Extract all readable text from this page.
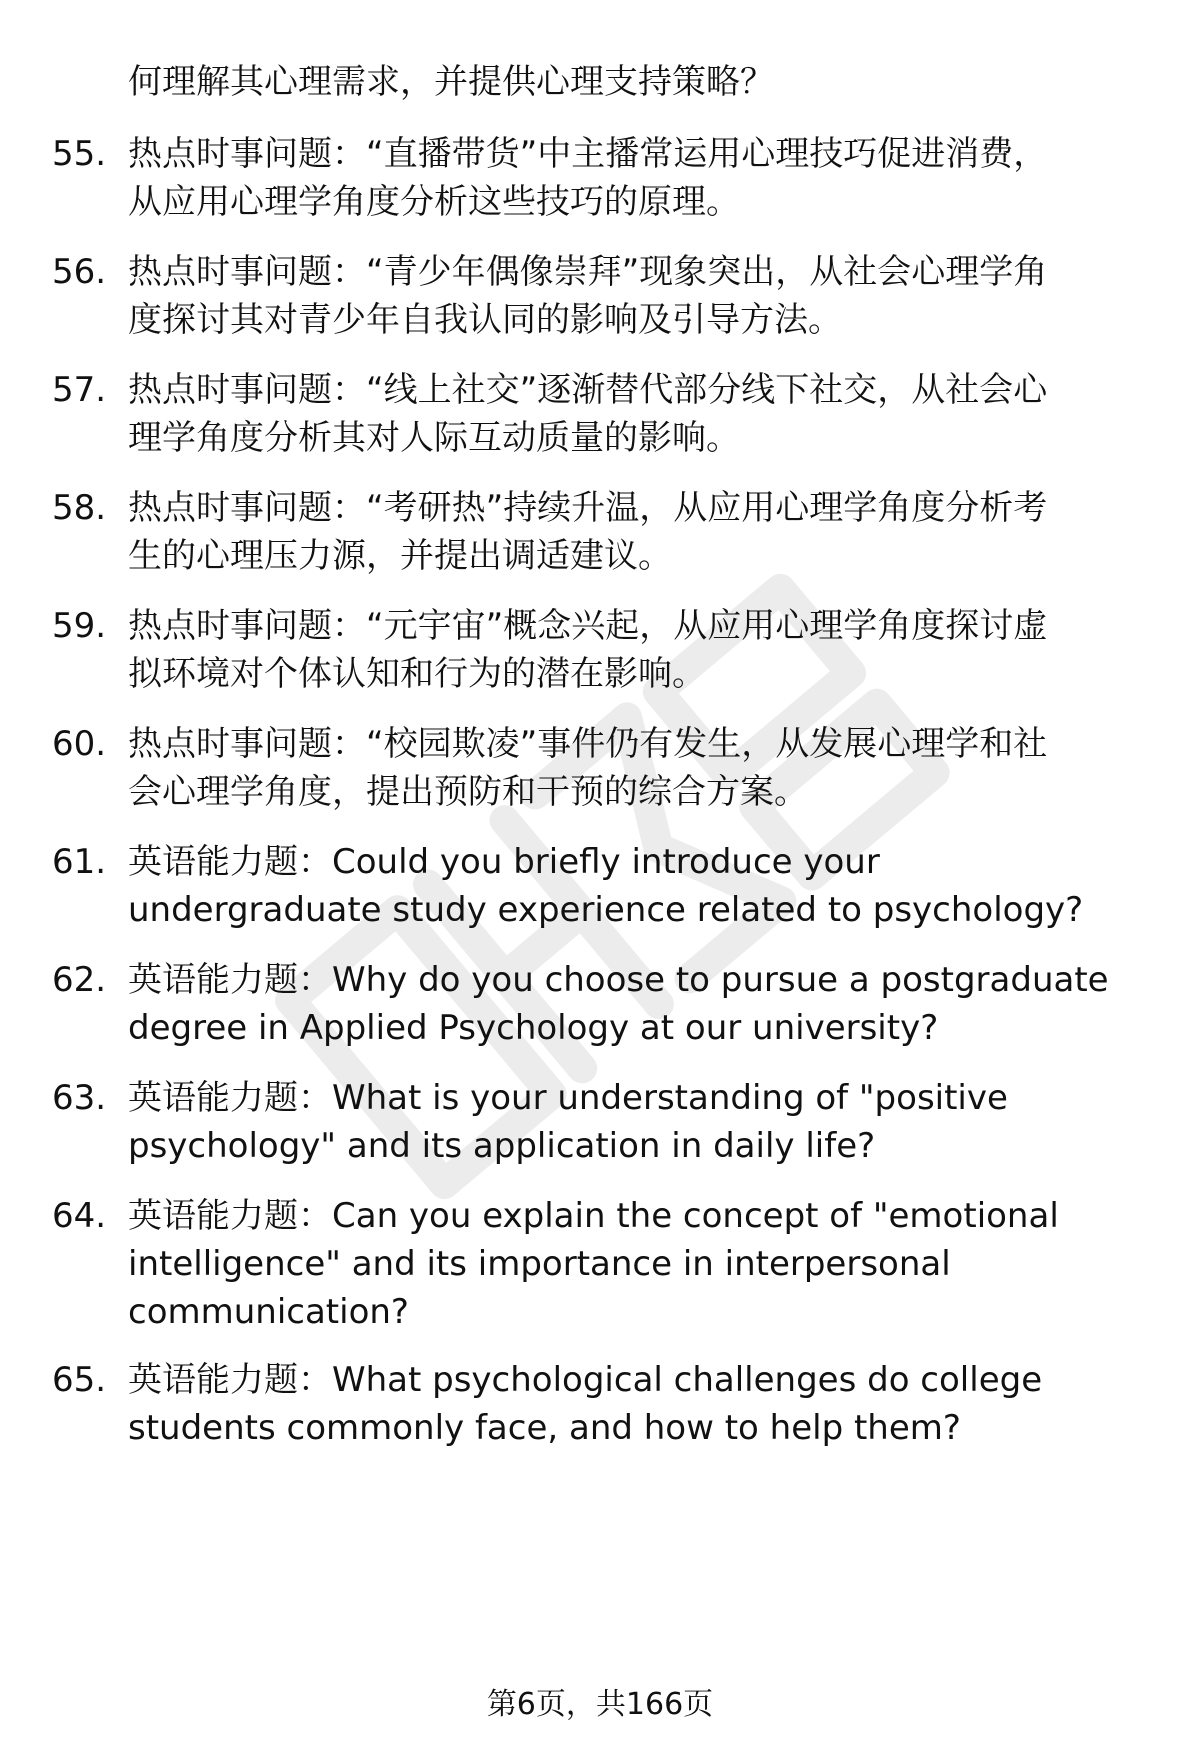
何理解其心理需求，并提供心理支持策略？
55. 热点时事问题：“直播带货”中主播常运用心理技巧促进消费，
从应用心理学角度分析这些技巧的原理。
56. 热点时事问题：“青少年偶像崇拜”现象突出，从社会心理学角
度探讨其对青少年自我认同的影响及引导方法。
57. 热点时事问题：“线上社交”逐渐替代部分线下社交，从社会心
理学角度分析其对人际互动质量的影响。
58. 热点时事问题：“考研热”持续升温，从应用心理学角度分析考
生的心理压力源，并提出调适建议。
59. 热点时事问题：“元宇宙”概念兴起，从应用心理学角度探讨虚
拟环境对个体认知和行为的潜在影响。
60. 热点时事问题：“校园欺凌”事件仍有发生，从发展心理学和社
会心理学角度，提出预防和干预的综合方案。
61. 英语能力题：Could you briefly introduce your
undergraduate study experience related to psychology?
62. 英语能力题：Why do you choose to pursue a postgraduate
degree in Applied Psychology at our university?
63. 英语能力题：What is your understanding of "positive
psychology" and its application in daily life?
64. 英语能力题：Can you explain the concept of "emotional
intelligence" and its importance in interpersonal
communication?
65. 英语能力题：What psychological challenges do college
students commonly face, and how to help them?
第6页，共166页
